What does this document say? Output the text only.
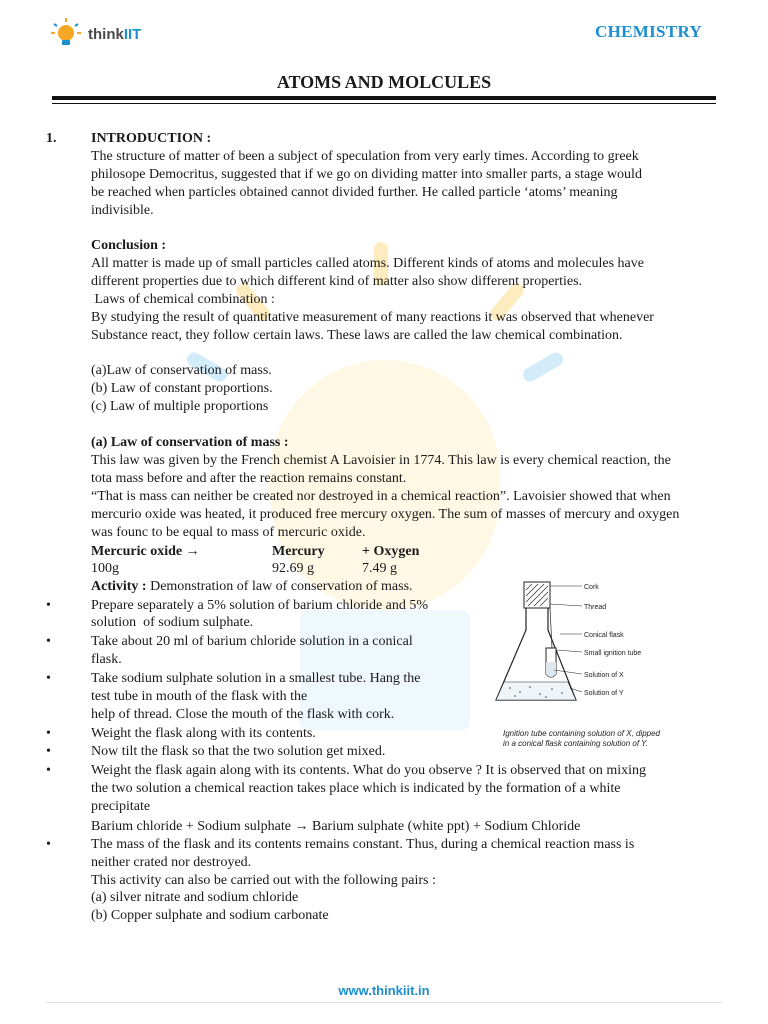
thinkIIT	CHEMISTRY
ATOMS AND MOLCULES
1. INTRODUCTION :
The structure of matter of been a subject of speculation from very early times. According to greek
philosope Democritus, suggested that if we go on dividing matter into smaller parts, a stage would
be reached when particles obtained cannot divided further. He called particle ‘atoms’ meaning
indivisible.
Conclusion :
All matter is made up of small particles called atoms. Different kinds of atoms and molecules have
different properties due to which different kind of matter also show different properties.
Laws of chemical combination :
By studying the result of quantitative measurement of many reactions it was observed that whenever
Substance react, they follow certain laws. These laws are called the law chemical combination.
(a)Law of conservation of mass.
(b) Law of constant proportions.
(c) Law of multiple proportions
(a) Law of conservation of mass :
This law was given by the French chemist A Lavoisier in 1774. This law is every chemical reaction, the
tota mass before and after the reaction remains constant.
“That is mass can neither be created nor destroyed in a chemical reaction”. Lavoisier showed that when
mercurio oxide was heated, it produced free mercury oxygen. The sum of masses of mercury and oxygen
was founc to be equal to mass of mercuric oxide.
Mercuric oxide →	Mercury	+ Oxygen
100g	92.69 g	7.49 g
Activity : Demonstration of law of conservation of mass.
•	Prepare separately a 5% solution of barium chloride and 5%
solution  of sodium sulphate.
•	Take about 20 ml of barium chloride solution in a conical
flask.
•	Take sodium sulphate solution in a smallest tube. Hang the
test tube in mouth of the flask with the
help of thread. Close the mouth of the flask with cork.
•	Weight the flask along with its contents.
•	Now tilt the flask so that the two solution get mixed.
•	Weight the flask again along with its contents. What do you observe ? It is observed that on mixing
the two solution a chemical reaction takes place which is indicated by the formation of a white
precipitate
Barium chloride + Sodium sulphate → Barium sulphate (white ppt) + Sodium Chloride
•	The mass of the flask and its contents remains constant. Thus, during a chemical reaction mass is
neither crated nor destroyed.
This activity can also be carried out with the following pairs :
(a) silver nitrate and sodium chloride
(b) Copper sulphate and sodium carbonate
Cork
Thread
Conical flask
Small ignition tube
Solution of X
Solution of Y
Ignition tube containing solution of X, dipped
in a conical flask containing solution of Y.
www.thinkiit.in
